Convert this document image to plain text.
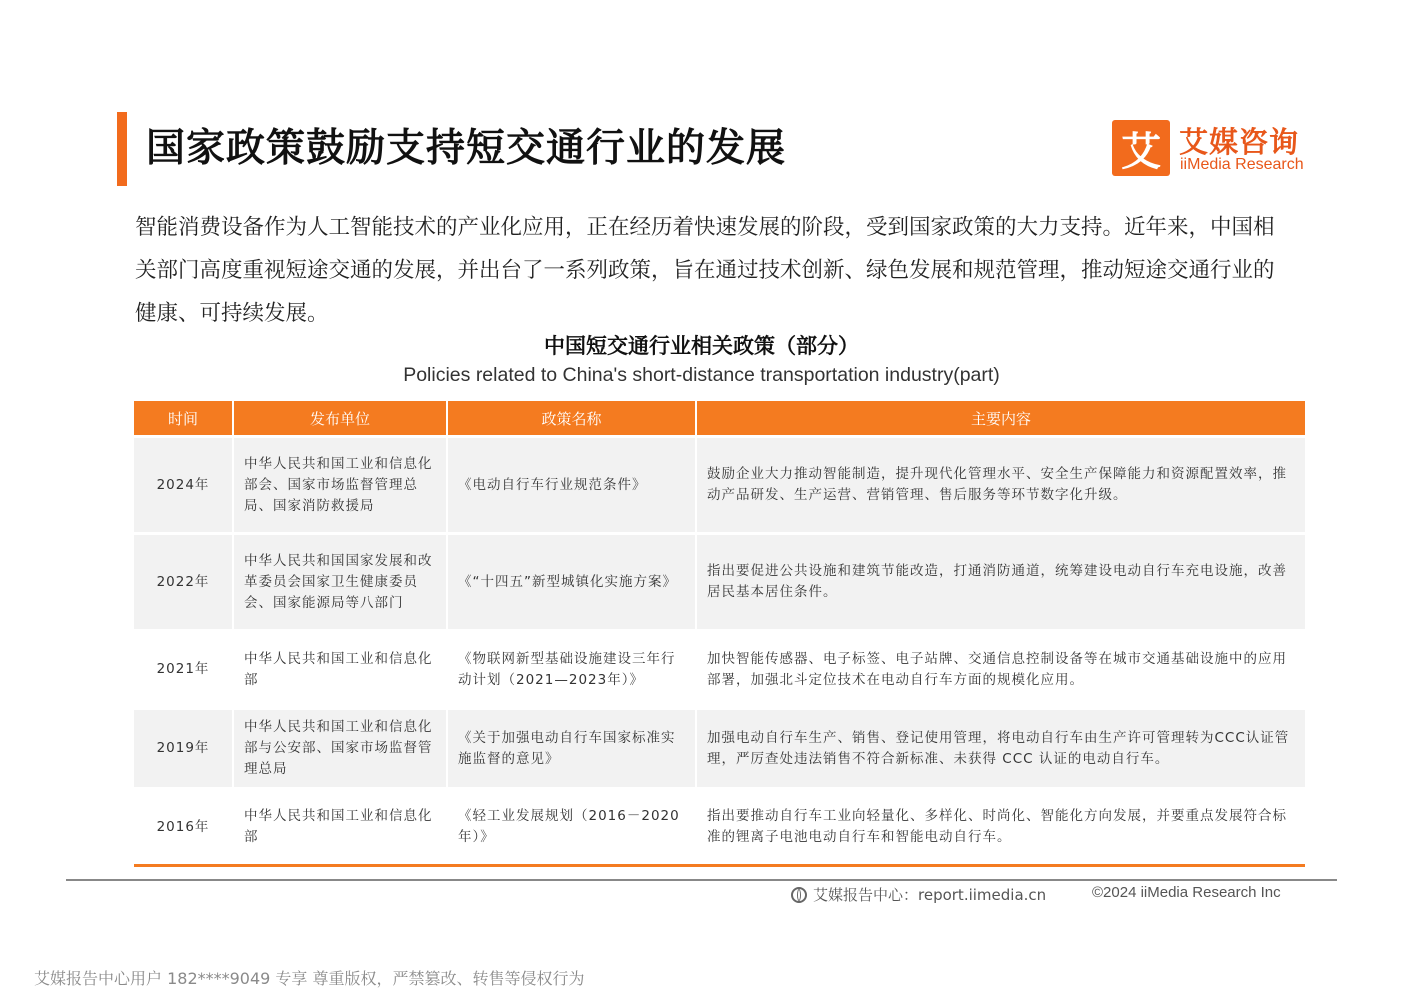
国家政策鼓励支持短交通行业的发展	艾 艾媒咨询
iiMedia Research
智能消费设备作为人工智能技术的产业化应用，正在经历着快速发展的阶段，受到国家政策的大力支持。近年来，中国相关部门高度重视短途交通的发展，并出台了一系列政策，旨在通过技术创新、绿色发展和规范管理，推动短途交通行业的健康、可持续发展。
中国短交通行业相关政策（部分）
Policies related to China's short-distance transportation industry(part)
时间	发布单位	政策名称	主要内容
2024年	中华人民共和国工业和信息化部会、国家市场监督管理总局、国家消防救援局	《电动自行车行业规范条件》	鼓励企业大力推动智能制造，提升现代化管理水平、安全生产保障能力和资源配置效率，推动产品研发、生产运营、营销管理、售后服务等环节数字化升级。
2022年	中华人民共和国国家发展和改革委员会国家卫生健康委员会、国家能源局等八部门	《“十四五”新型城镇化实施方案》	指出要促进公共设施和建筑节能改造，打通消防通道，统筹建设电动自行车充电设施，改善居民基本居住条件。
2021年	中华人民共和国工业和信息化部	《物联网新型基础设施建设三年行动计划（2021—2023年）》	加快智能传感器、电子标签、电子站牌、交通信息控制设备等在城市交通基础设施中的应用部署，加强北斗定位技术在电动自行车方面的规模化应用。
2019年	中华人民共和国工业和信息化部与公安部、国家市场监督管理总局	《关于加强电动自行车国家标准实施监督的意见》	加强电动自行车生产、销售、登记使用管理，将电动自行车由生产许可管理转为CCC认证管理，严厉查处违法销售不符合新标准、未获得 CCC 认证的电动自行车。
2016年	中华人民共和国工业和信息化部	《轻工业发展规划（2016－2020年）》	指出要推动自行车工业向轻量化、多样化、时尚化、智能化方向发展，并要重点发展符合标准的锂离子电池电动自行车和智能电动自行车。
艾媒报告中心：report.iimedia.cn	©2024 iiMedia Research Inc
艾媒报告中心用户 182****9049 专享 尊重版权，严禁篡改、转售等侵权行为
